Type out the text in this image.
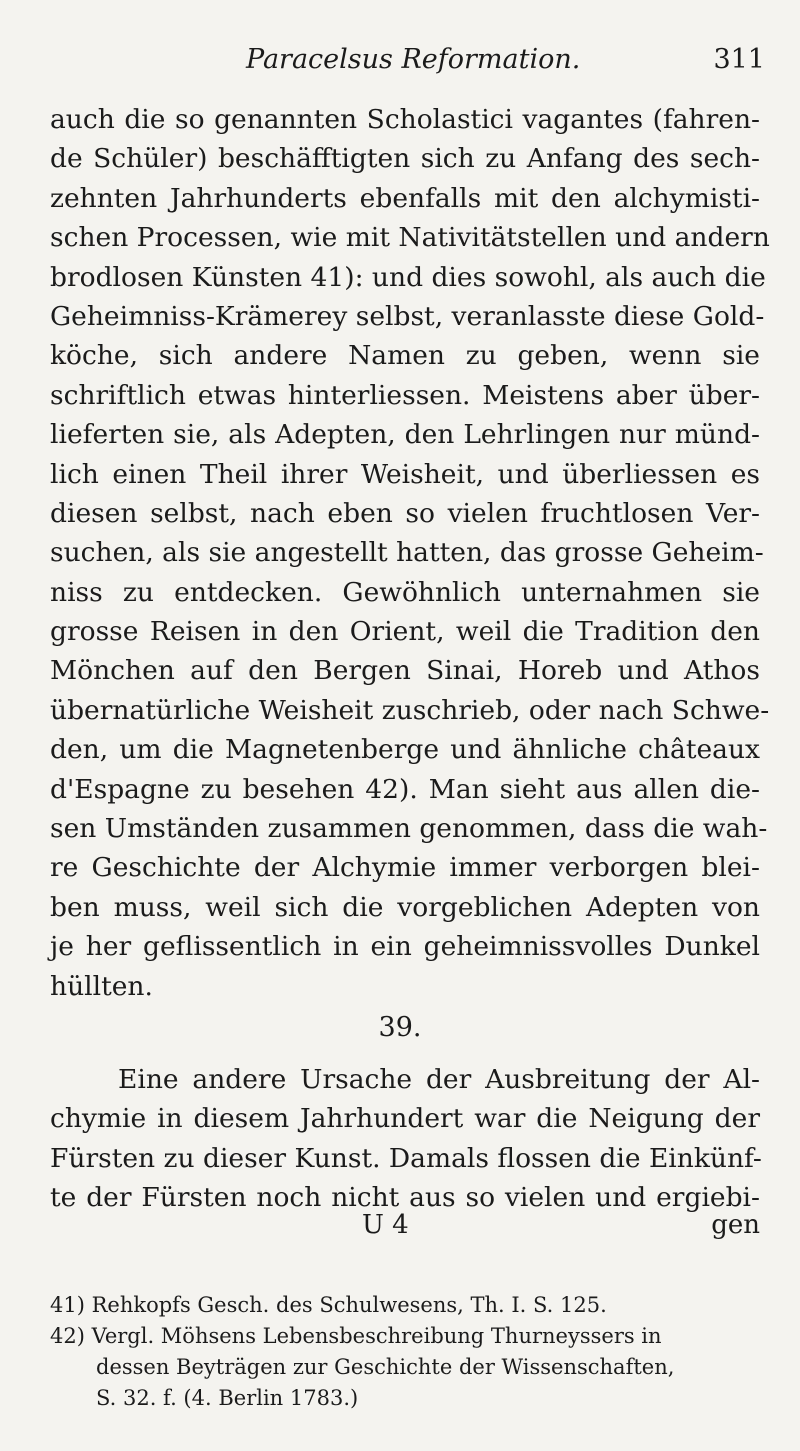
Paracelsus Reformation.	311
auch die so genannten Scholastici vagantes (fahren-
de Schüler) beschäfftigten sich zu Anfang des sech-
zehnten Jahrhunderts ebenfalls mit den alchymisti-
schen Processen, wie mit Nativitätstellen und andern
brodlosen Künsten 41): und dies sowohl, als auch die
Geheimniss-Krämerey selbst, veranlasste diese Gold-
köche, sich andere Namen zu geben, wenn sie
schriftlich etwas hinterliessen. Meistens aber über-
lieferten sie, als Adepten, den Lehrlingen nur münd-
lich einen Theil ihrer Weisheit, und überliessen es
diesen selbst, nach eben so vielen fruchtlosen Ver-
suchen, als sie angestellt hatten, das grosse Geheim-
niss zu entdecken. Gewöhnlich unternahmen sie
grosse Reisen in den Orient, weil die Tradition den
Mönchen auf den Bergen Sinai, Horeb und Athos
übernatürliche Weisheit zuschrieb, oder nach Schwe-
den, um die Magnetenberge und ähnliche châteaux
d'Espagne zu besehen 42). Man sieht aus allen die-
sen Umständen zusammen genommen, dass die wah-
re Geschichte der Alchymie immer verborgen blei-
ben muss, weil sich die vorgeblichen Adepten von
je her geflissentlich in ein geheimnissvolles Dunkel
hüllten.
39.
Eine andere Ursache der Ausbreitung der Al-
chymie in diesem Jahrhundert war die Neigung der
Fürsten zu dieser Kunst. Damals flossen die Einkünf-
te der Fürsten noch nicht aus so vielen und ergiebi-
U 4	gen
41) Rehkopfs Gesch. des Schulwesens, Th. I. S. 125.
42) Vergl. Möhsens Lebensbeschreibung Thurneyssers in
dessen Beyträgen zur Geschichte der Wissenschaften,
S. 32. f. (4. Berlin 1783.)
